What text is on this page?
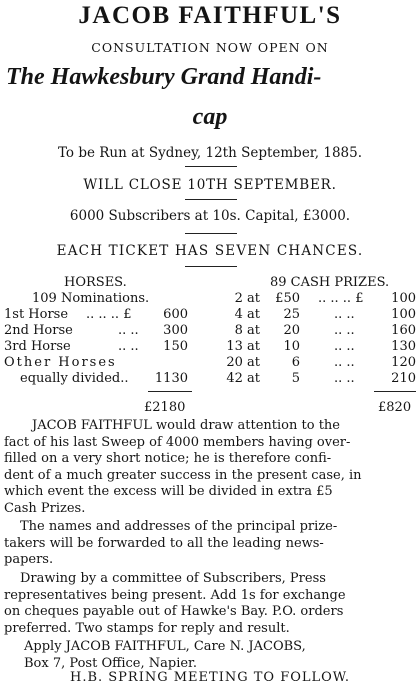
JACOB FAITHFUL'S
CONSULTATION NOW OPEN ON
The Hawkesbury Grand Handi-
cap
To be Run at Sydney, 12th September, 1885.
WILL CLOSE 10TH SEPTEMBER.
6000 Subscribers at 10s. Capital, £3000.
EACH TICKET HAS SEVEN CHANCES.
HORSES.	89 CASH PRIZES.
109 Nominations.
1st Horse .. .. .. £	600
2nd Horse	.. ..	300
3rd Horse	.. ..	150
Other Horses
equally divided..	1130
2 at	£50 .. .. .. £	100
4 at	25	.. ..	100
8 at	20	.. ..	160
13 at	10	.. ..	130
20 at	6	.. ..	120
42 at	5	.. ..	210
£2180	£820
JACOB FAITHFUL would draw attention to the
fact of his last Sweep of 4000 members having over-
filled on a very short notice; he is therefore confi-
dent of a much greater success in the present case, in
which event the excess will be divided in extra £5
Cash Prizes.
The names and addresses of the principal prize-
takers will be forwarded to all the leading news-
papers.
Drawing by a committee of Subscribers, Press
representatives being present. Add 1s for exchange
on cheques payable out of Hawke's Bay. P.O. orders
preferred. Two stamps for reply and result.
Apply JACOB FAITHFUL, Care N. JACOBS,
Box 7, Post Office, Napier.
H.B. SPRING MEETING TO FOLLOW.
